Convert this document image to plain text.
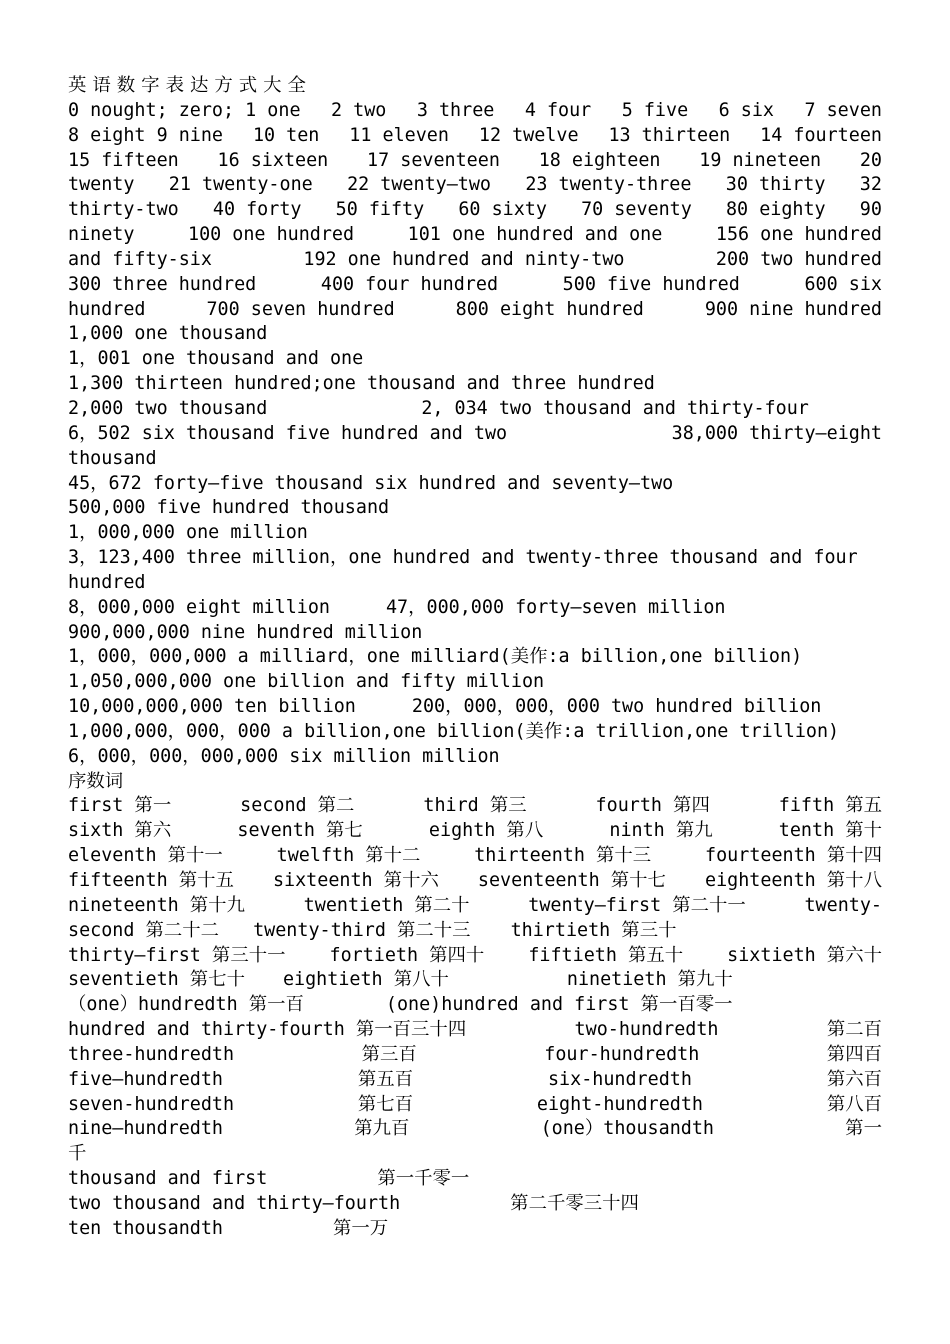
英语数字表达方式大全
0 nought; zero; 1 one 2 two 3 three 4 four 5 five 6 six 7 seven
8 eight 9 nine 10 ten 11 eleven 12 twelve 13 thirteen 14 fourteen
15 fifteen 16 sixteen 17 seventeen 18 eighteen 19 nineteen 20
twenty 21 twenty-one 22 twenty—two 23 twenty-three 30 thirty 32
thirty-two 40 forty 50 fifty 60 sixty 70 seventy 80 eighty 90
ninety	100 one hundred	101 one hundred and one	156 one hundred
and fifty-six	192 one hundred and ninty-two	200 two hundred
300 three hundred	400 four hundred	500 five hundred	600 six
hundred	700 seven hundred	800 eight hundred	900 nine hundred
1,000 one thousand
1，001 one thousand and one
1,300 thirteen hundred;one thousand and three hundred
2,000 two thousand	2, 034 two thousand and thirty-four
6，502 six thousand five hundred and two	38,000 thirty—eight
thousand
45，672 forty—five thousand six hundred and seventy—two
500,000 five hundred thousand
1，000,000 one million
3，123,400 three million，one hundred and twenty-three thousand and four
hundred
8，000,000 eight million	47，000,000 forty—seven million
900,000,000 nine hundred million
1，000，000,000 a milliard，one milliard(美作:a billion,one billion)
1,050,000,000 one billion and fifty million
10,000,000,000 ten billion	200，000，000，000 two hundred billion
1,000,000，000，000 a billion,one billion(美作:a trillion,one trillion)
6，000，000，000,000 six million million
序数词
first 第一	second 第二	third 第三	fourth 第四	fifth 第五
sixth 第六	seventh 第七	eighth 第八	ninth 第九	tenth 第十
eleventh 第十一	twelfth 第十二	thirteenth 第十三	fourteenth 第十四
fifteenth 第十五 sixteenth 第十六 seventeenth 第十七 eighteenth 第十八
nineteenth 第十九	twentieth 第二十	twenty—first 第二十一	twenty-
second 第二十二 twenty-third 第二十三 thirtieth 第三十
thirty—first 第三十一 fortieth 第四十 fiftieth 第五十 sixtieth 第六十
seventieth 第七十 eightieth 第八十	ninetieth 第九十
（one）hundredth 第一百	(one)hundred and first 第一百零一
hundred and thirty-fourth 第一百三十四	two-hundredth	第二百
three-hundredth	第三百	four-hundredth	第四百
five—hundredth	第五百	six-hundredth	第六百
seven-hundredth	第七百	eight-hundredth	第八百
nine—hundredth	第九百	(one）thousandth	第一
千
thousand and first	第一千零一
two thousand and thirty—fourth	第二千零三十四
ten thousandth	第一万
